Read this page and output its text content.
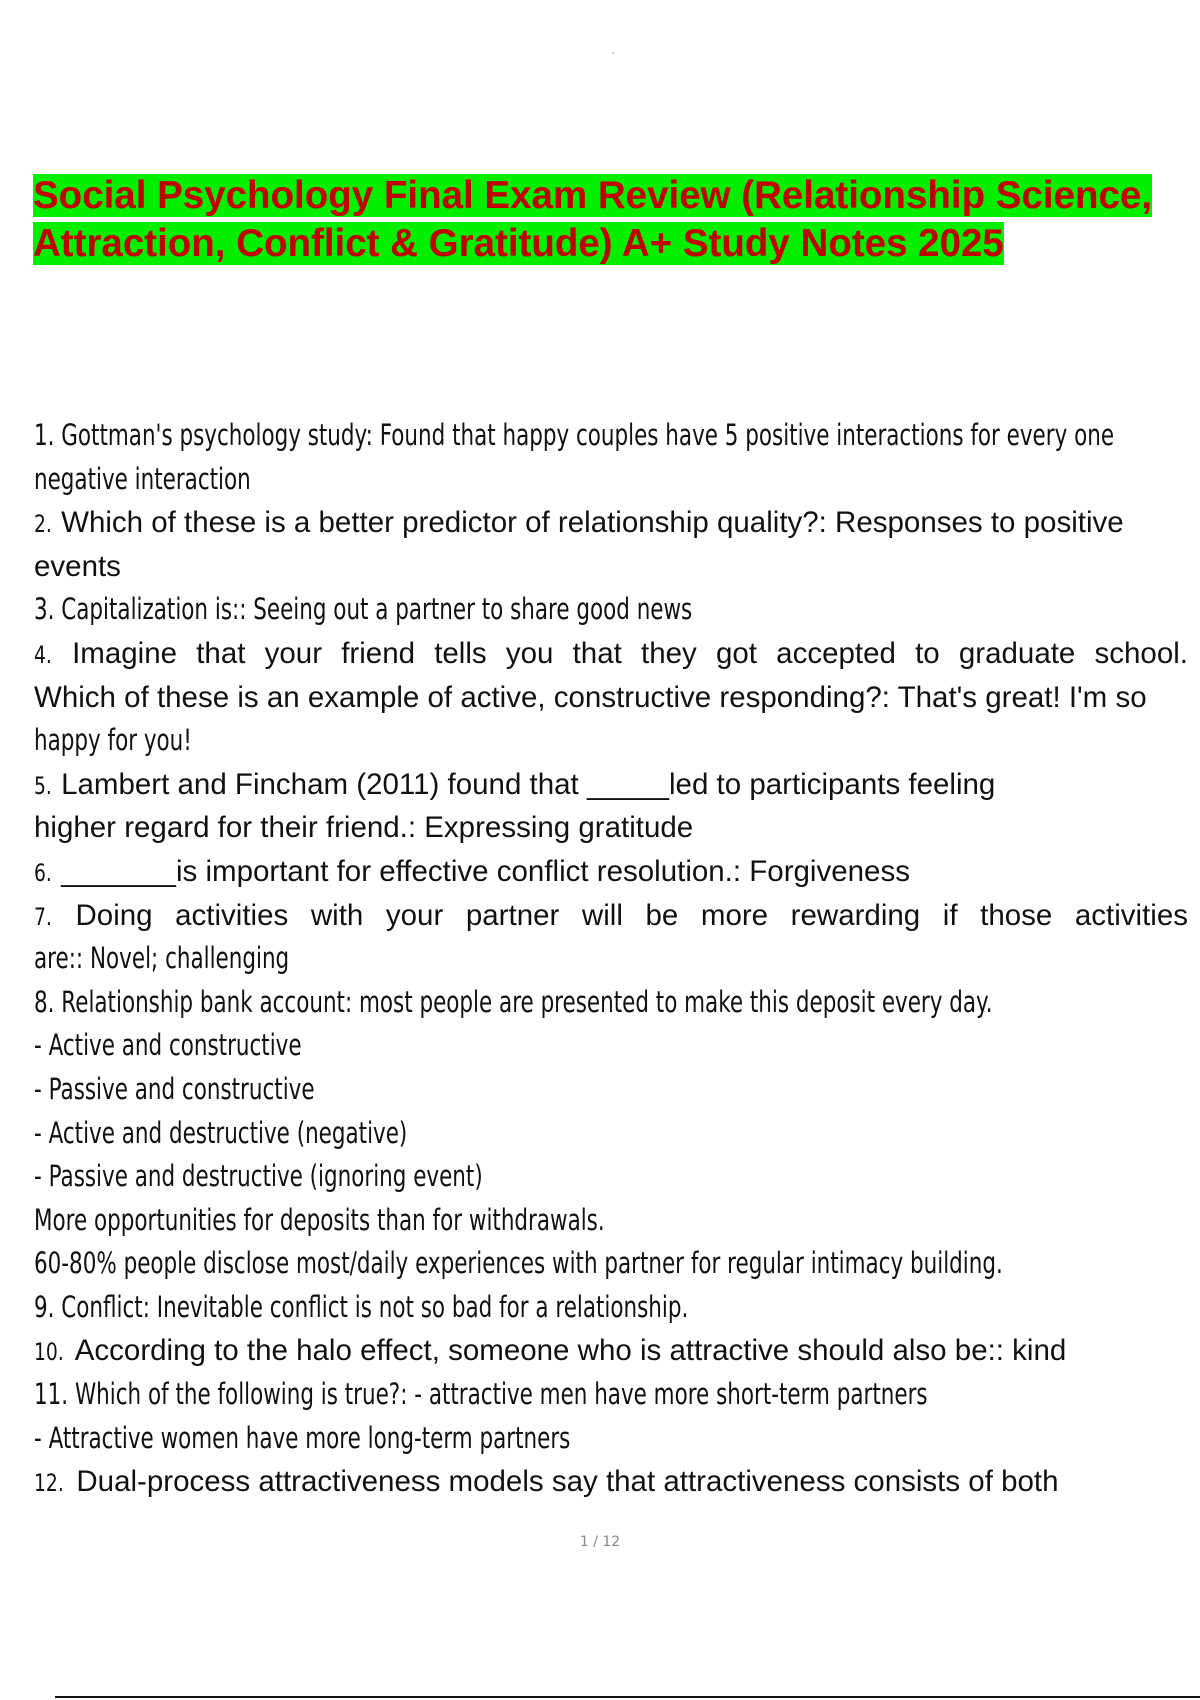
Social Psychology Final Exam Review (Relationship Science, Attraction, Conflict & Gratitude) A+ Study Notes 2025
1. Gottman's psychology study: Found that happy couples have 5 positive interactions for every one
negative interaction
2. Which of these is a better predictor of relationship quality?: Responses to positive
events
3. Capitalization is:: Seeing out a partner to share good news
4. Imagine that your friend tells you that they got accepted to graduate school.
Which of these is an example of active, constructive responding?: That's great! I'm so
happy for you!
5. Lambert and Fincham (2011) found that _____led to participants feeling
higher regard for their friend.: Expressing gratitude
6. _______is important for effective conflict resolution.: Forgiveness
7. Doing activities with your partner will be more rewarding if those activities
are:: Novel; challenging
8. Relationship bank account: most people are presented to make this deposit every day.
- Active and constructive
- Passive and constructive
- Active and destructive (negative)
- Passive and destructive (ignoring event)
More opportunities for deposits than for withdrawals.
60-80% people disclose most/daily experiences with partner for regular intimacy building.
9. Conflict: Inevitable conflict is not so bad for a relationship.
10. According to the halo effect, someone who is attractive should also be:: kind
11. Which of the following is true?: - attractive men have more short-term partners
- Attractive women have more long-term partners
12. Dual-process attractiveness models say that attractiveness consists of both
1 / 12
